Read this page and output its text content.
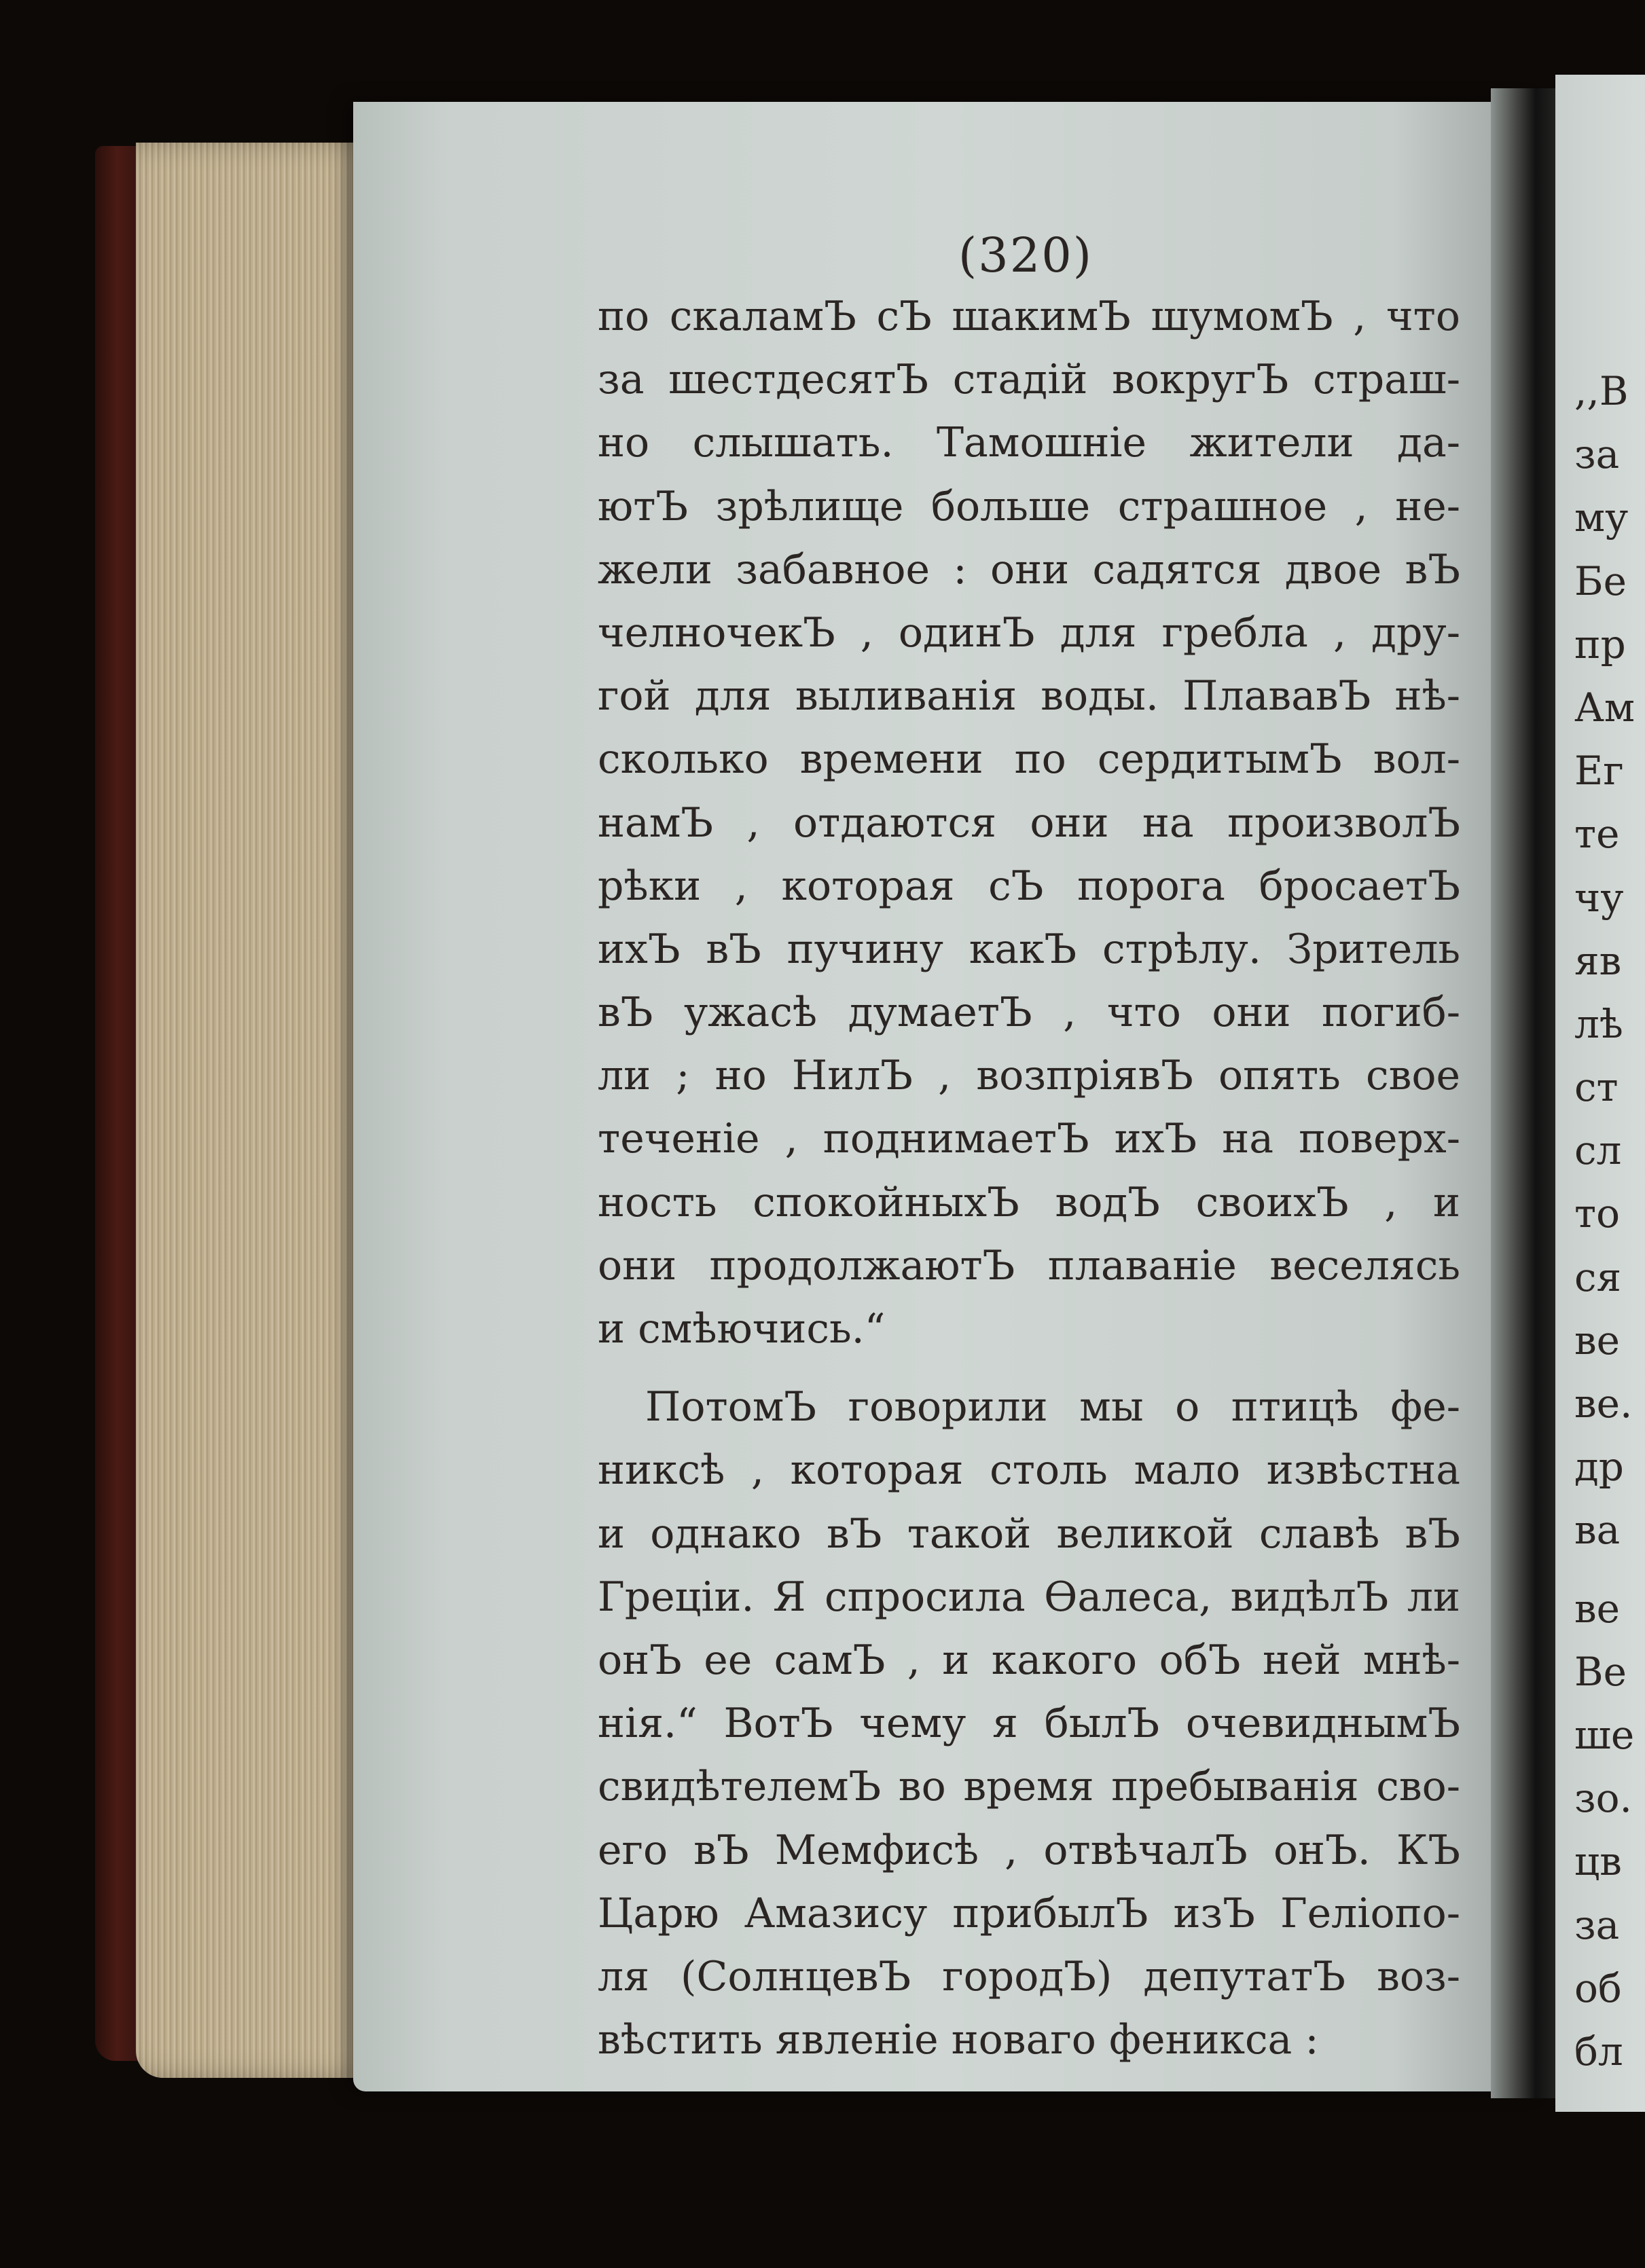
,,В
за
му
Бе
пр
Ам
Ег
те
чу
яв
лѣ
ст
сл
то
ся
ве
ве.
др
ва
ве
Ве
ше
зо.
цв
за
об
бл
(320)
по скаламЪ сЪ шакимЪ шумомЪ , что
за шестдесятЪ стадій вокругЪ страш-
но слышать. Тамошніе жители да-
ютЪ зрѣлище больше страшное , не-
жели забавное : они садятся двое вЪ
челночекЪ , одинЪ для гребла , дру-
гой для выливанія воды. ПлававЪ нѣ-
сколько времени по сердитымЪ вол-
намЪ , отдаются они на произволЪ
рѣки , которая сЪ порога бросаетЪ
ихЪ вЪ пучину какЪ стрѣлу. Зритель
вЪ ужасѣ думаетЪ , что они погиб-
ли ; но НилЪ , возпріявЪ опять свое
теченіе , поднимаетЪ ихЪ на поверх-
ность спокойныхЪ водЪ своихЪ , и
они продолжаютЪ плаваніе веселясь
и смѣючись.“
ПотомЪ говорили мы о птицѣ фе-
никсѣ , которая столь мало извѣстна
и однако вЪ такой великой славѣ вЪ
Греціи. Я спросила Өалеса, видѣлЪ ли
онЪ ее самЪ , и какого обЪ ней мнѣ-
нія.“ ВотЪ чему я былЪ очевиднымЪ
свидѣтелемЪ во время пребыванія сво-
его вЪ Мемфисѣ , отвѣчалЪ онЪ. КЪ
Царю Амазису прибылЪ изЪ Геліопо-
ля (СолнцевЪ городЪ) депутатЪ воз-
вѣстить явленіе новаго феникса :
